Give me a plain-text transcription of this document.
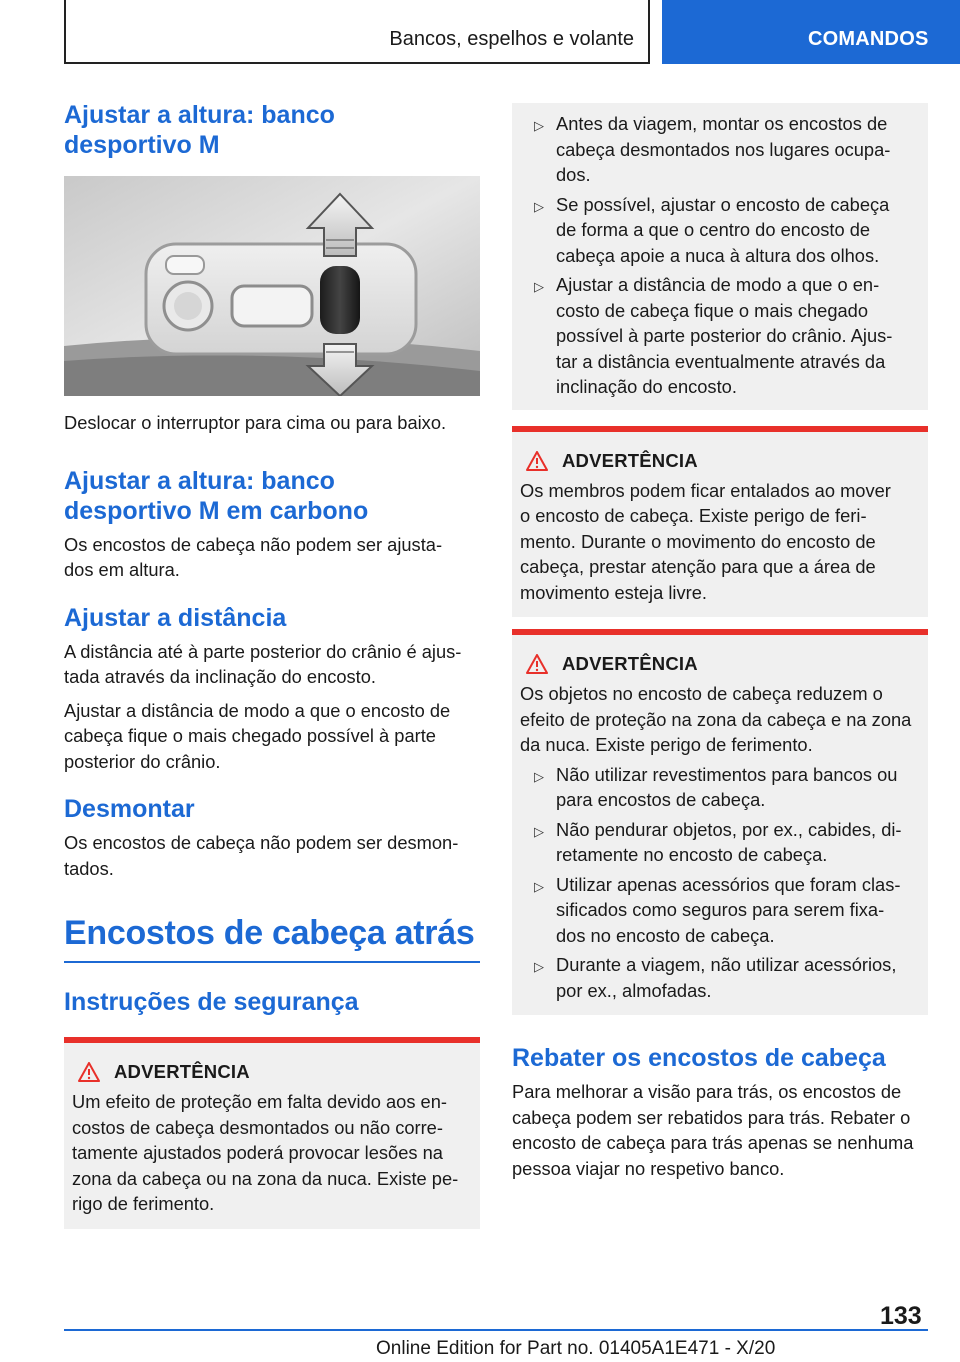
Bancos, espelhos e volante	COMANDOS
Ajustar a altura: banco
desportivo M

Deslocar o interruptor para cima ou para baixo.

Ajustar a altura: banco
desportivo M em carbono

Os encostos de cabeça não podem ser ajusta-
dos em altura.

Ajustar a distância

A distância até à parte posterior do crânio é ajus-
tada através da inclinação do encosto.

Ajustar a distância de modo a que o encosto de
cabeça fique o mais chegado possível à parte
posterior do crânio.

Desmontar

Os encostos de cabeça não podem ser desmon-
tados.

Encostos de cabeça atrás
Instruções de segurança
ADVERTÊNCIA

Um efeito de proteção em falta devido aos en-
costos de cabeça desmontados ou não corre-
tamente ajustados poderá provocar lesões na
zona da cabeça ou na zona da nuca. Existe pe-
rigo de ferimento.

▷ Antes da viagem, montar os encostos de
cabeça desmontados nos lugares ocupa-
dos.
▷ Se possível, ajustar o encosto de cabeça
de forma a que o centro do encosto de
cabeça apoie a nuca à altura dos olhos.
▷ Ajustar a distância de modo a que o en-
costo de cabeça fique o mais chegado
possível à parte posterior do crânio. Ajus-
tar a distância eventualmente através da
inclinação do encosto.
ADVERTÊNCIA

Os membros podem ficar entalados ao mover
o encosto de cabeça. Existe perigo de feri-
mento. Durante o movimento do encosto de
cabeça, prestar atenção para que a área de
movimento esteja livre.

ADVERTÊNCIA

Os objetos no encosto de cabeça reduzem o
efeito de proteção na zona da cabeça e na zona
da nuca. Existe perigo de ferimento.

▷ Não utilizar revestimentos para bancos ou
para encostos de cabeça.
▷ Não pendurar objetos, por ex., cabides, di-
retamente no encosto de cabeça.
▷ Utilizar apenas acessórios que foram clas-
sificados como seguros para serem fixa-
dos no encosto de cabeça.
▷ Durante a viagem, não utilizar acessórios,
por ex., almofadas.
Rebater os encostos de cabeça

Para melhorar a visão para trás, os encostos de
cabeça podem ser rebatidos para trás. Rebater o
encosto de cabeça para trás apenas se nenhuma
pessoa viajar no respetivo banco.

133
Online Edition for Part no. 01405A1E471 - X/20
